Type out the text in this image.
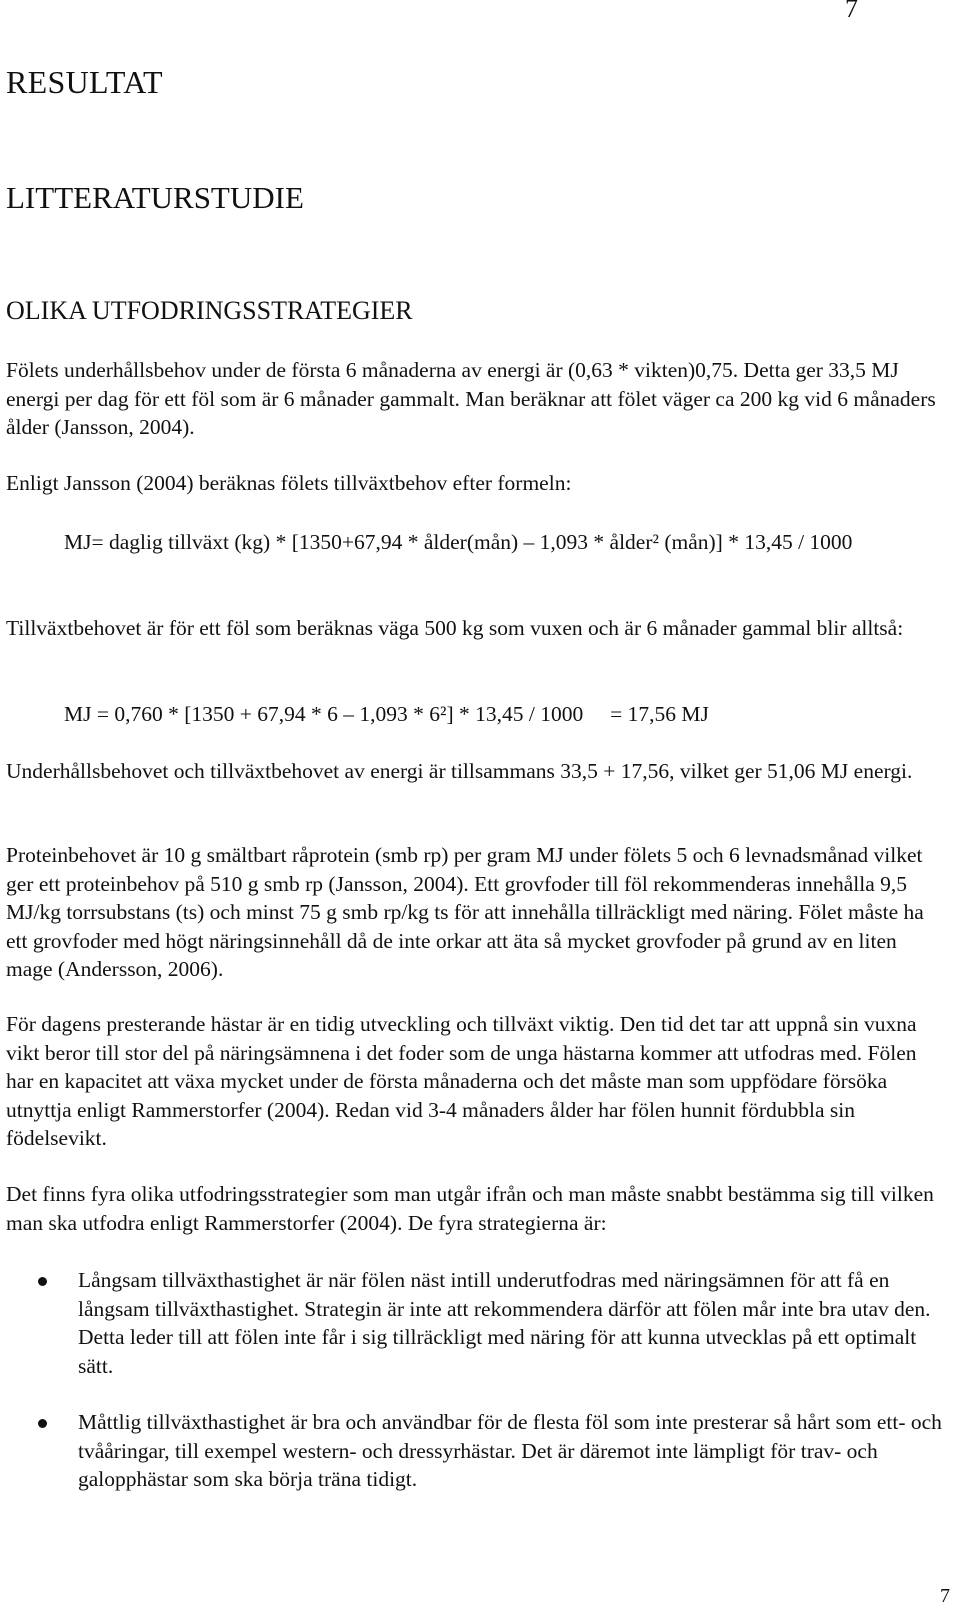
7
RESULTAT
LITTERATURSTUDIE
OLIKA UTFODRINGSSTRATEGIER

Fölets underhållsbehov under de första 6 månaderna av energi är (0,63 * vikten)0,75. Detta ger 33,5 MJ energi per dag för ett föl som är 6 månader gammalt. Man beräknar att fölet väger ca 200 kg vid 6 månaders ålder (Jansson, 2004).

Enligt Jansson (2004) beräknas fölets tillväxtbehov efter formeln:

MJ= daglig tillväxt (kg) * [1350+67,94 * ålder(mån) – 1,093 * ålder² (mån)] * 13,45 / 1000

Tillväxtbehovet är för ett föl som beräknas väga 500 kg som vuxen och är 6 månader gammal blir alltså:

MJ = 0,760 * [1350 + 67,94 * 6 – 1,093 * 6²] * 13,45 / 1000     = 17,56 MJ

Underhållsbehovet och tillväxtbehovet av energi är tillsammans 33,5 + 17,56, vilket ger 51,06 MJ energi.

Proteinbehovet är 10 g smältbart råprotein (smb rp) per gram MJ under fölets 5 och 6 levnadsmånad vilket ger ett proteinbehov på 510 g smb rp (Jansson, 2004). Ett grovfoder till föl rekommenderas innehålla 9,5 MJ/kg torrsubstans (ts) och minst 75 g smb rp/kg ts för att innehålla tillräckligt med näring. Fölet måste ha ett grovfoder med högt näringsinnehåll då de inte orkar att äta så mycket grovfoder på grund av en liten mage (Andersson, 2006).

För dagens presterande hästar är en tidig utveckling och tillväxt viktig. Den tid det tar att uppnå sin vuxna vikt beror till stor del på näringsämnena i det foder som de unga hästarna kommer att utfodras med. Fölen har en kapacitet att växa mycket under de första månaderna och det måste man som uppfödare försöka utnyttja enligt Rammerstorfer (2004). Redan vid 3-4 månaders ålder har fölen hunnit fördubbla sin födelsevikt.

Det finns fyra olika utfodringsstrategier som man utgår ifrån och man måste snabbt bestämma sig till vilken man ska utfodra enligt Rammerstorfer (2004). De fyra strategierna är:

Långsam tillväxthastighet är när fölen näst intill underutfodras med näringsämnen för att få en långsam tillväxthastighet. Strategin är inte att rekommendera därför att fölen mår inte bra utav den. Detta leder till att fölen inte får i sig tillräckligt med näring för att kunna utvecklas på ett optimalt sätt.
Måttlig tillväxthastighet är bra och användbar för de flesta föl som inte presterar så hårt som ett- och tvååringar, till exempel western- och dressyrhästar. Det är däremot inte lämpligt för trav- och galopphästar som ska börja träna tidigt.
7
